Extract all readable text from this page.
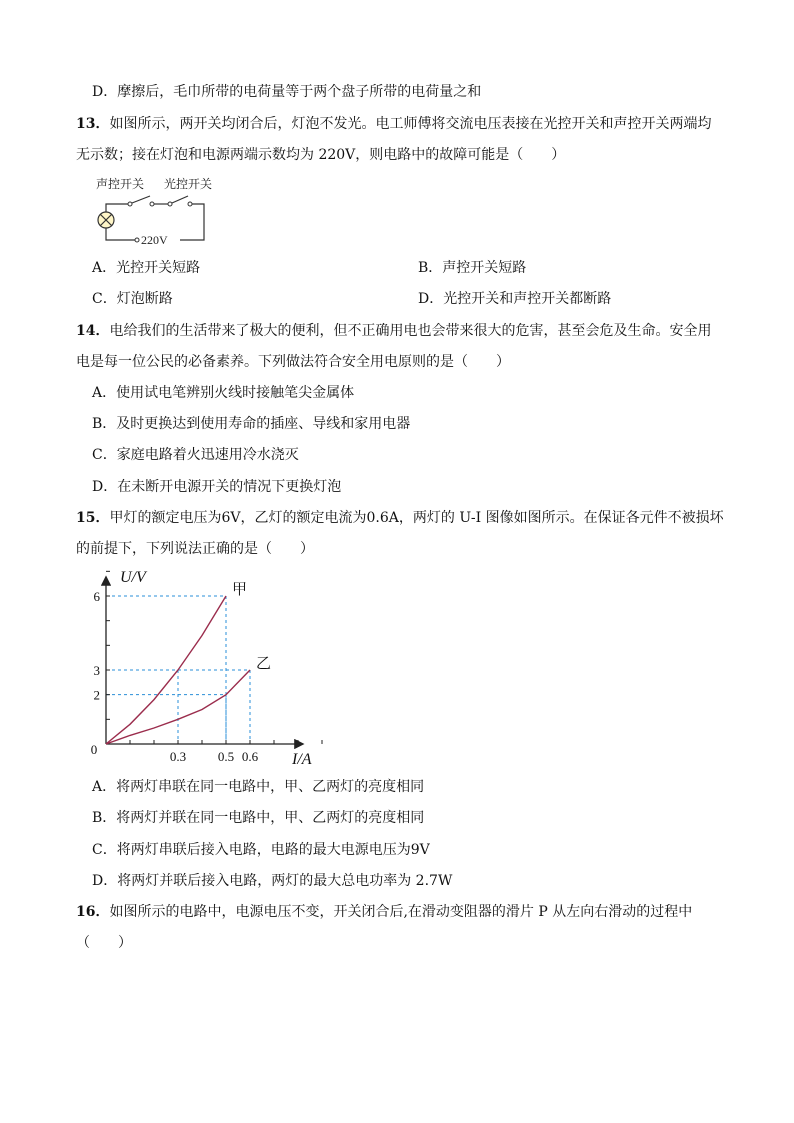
D．摩擦后，毛巾所带的电荷量等于两个盘子所带的电荷量之和
13．如图所示，两开关均闭合后，灯泡不发光。电工师傅将交流电压表接在光控开关和声控开关两端均
无示数；接在灯泡和电源两端示数均为 220V，则电路中的故障可能是（　　）
声控开关 光控开关
220V
A．光控开关短路	B．声控开关短路
C．灯泡断路	D．光控开关和声控开关都断路
14．电给我们的生活带来了极大的便利，但不正确用电也会带来很大的危害，甚至会危及生命。安全用
电是每一位公民的必备素养。下列做法符合安全用电原则的是（　　）
A．使用试电笔辨别火线时接触笔尖金属体
B．及时更换达到使用寿命的插座、导线和家用电器
C．家庭电路着火迅速用冷水浇灭
D．在未断开电源开关的情况下更换灯泡
15．甲灯的额定电压为6V，乙灯的额定电流为0.6A，两灯的 U-I 图像如图所示。在保证各元件不被损坏
的前提下，下列说法正确的是（　　）
甲
乙
0.3 0.5 0.6
6
3
2
0
I/A
U/V
A．将两灯串联在同一电路中，甲、乙两灯的亮度相同
B．将两灯并联在同一电路中，甲、乙两灯的亮度相同
C．将两灯串联后接入电路，电路的最大电源电压为9V
D．将两灯并联后接入电路，两灯的最大总电功率为 2.7W
16．如图所示的电路中，电源电压不变，开关闭合后,在滑动变阻器的滑片 P 从左向右滑动的过程中
（　　）
